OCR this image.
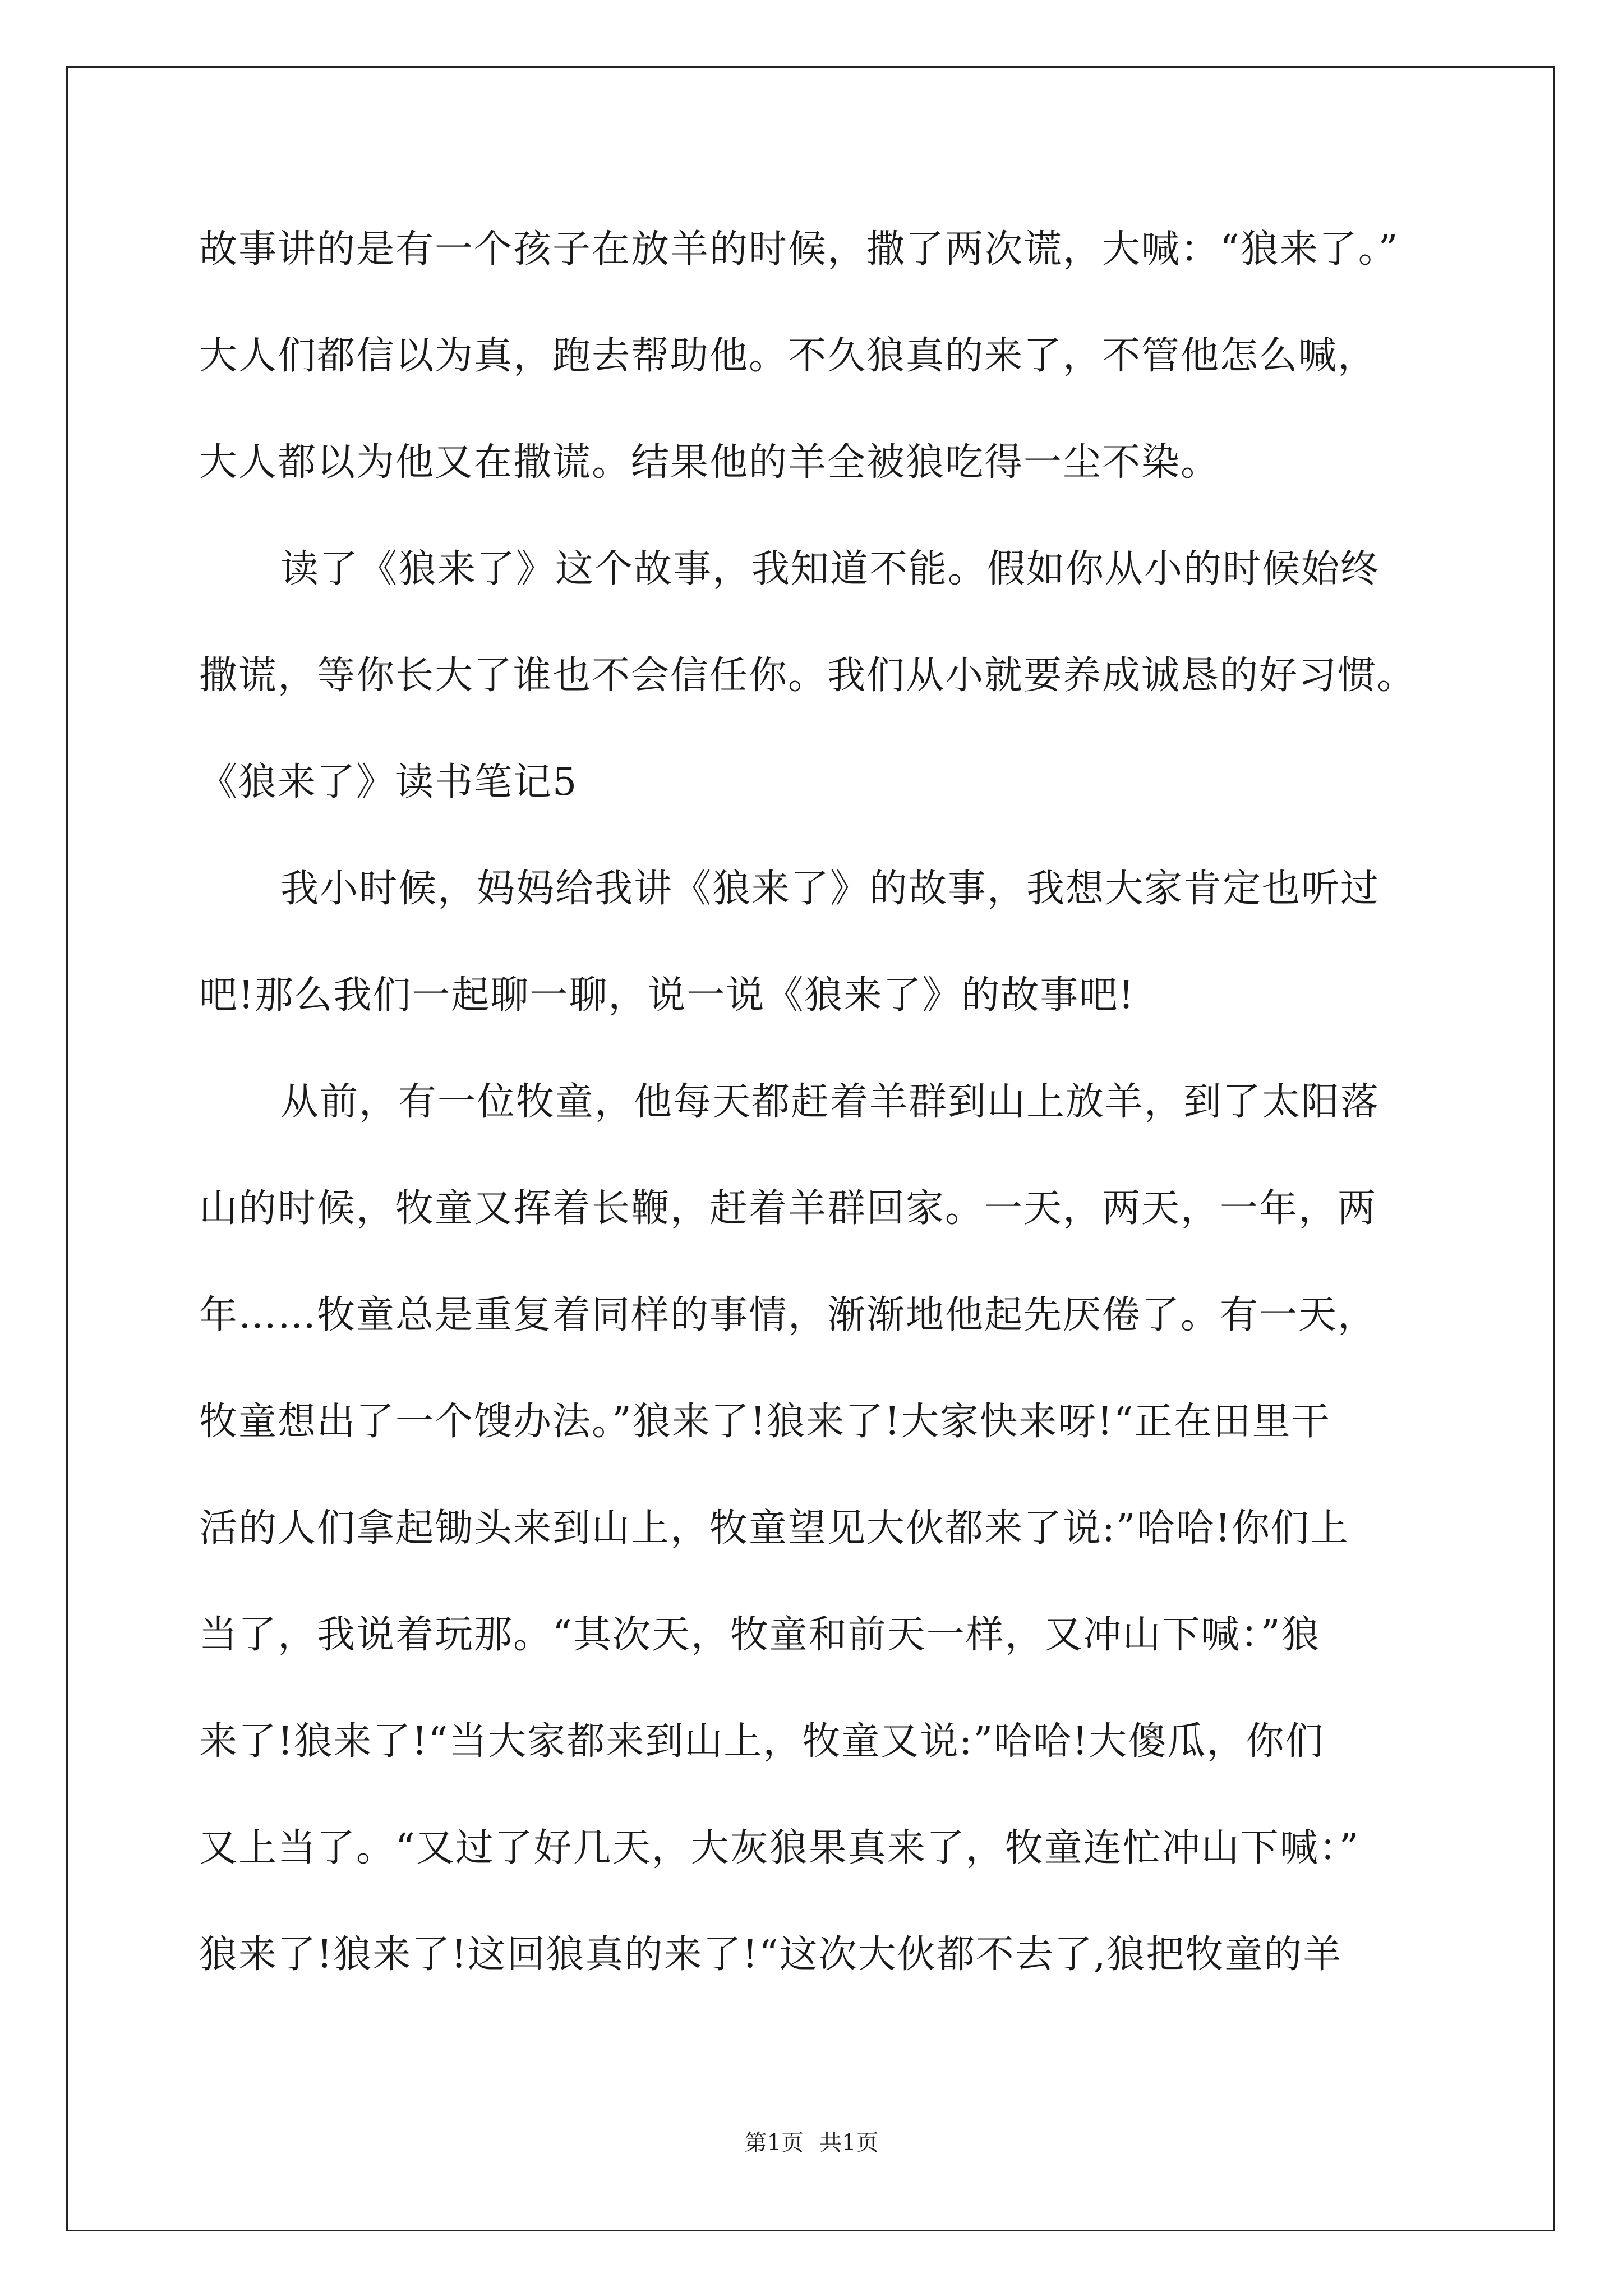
故事讲的是有一个孩子在放羊的时候，撒了两次谎，大喊：“狼来了。”
大人们都信以为真，跑去帮助他。不久狼真的来了，不管他怎么喊，
大人都以为他又在撒谎。结果他的羊全被狼吃得一尘不染。
读了《狼来了》这个故事，我知道不能。假如你从小的时候始终
撒谎，等你长大了谁也不会信任你。我们从小就要养成诚恳的好习惯。
《狼来了》读书笔记5
我小时候，妈妈给我讲《狼来了》的故事，我想大家肯定也听过
吧!那么我们一起聊一聊，说一说《狼来了》的故事吧!
从前，有一位牧童，他每天都赶着羊群到山上放羊，到了太阳落
山的时候，牧童又挥着长鞭，赶着羊群回家。一天，两天，一年，两
年……牧童总是重复着同样的事情，渐渐地他起先厌倦了。有一天，
牧童想出了一个馊办法。”狼来了!狼来了!大家快来呀!“正在田里干
活的人们拿起锄头来到山上，牧童望见大伙都来了说:”哈哈!你们上
当了，我说着玩那。“其次天，牧童和前天一样，又冲山下喊：”狼
来了!狼来了!“当大家都来到山上，牧童又说:”哈哈!大傻瓜，你们
又上当了。“又过了好几天，大灰狼果真来了，牧童连忙冲山下喊：”
狼来了!狼来了!这回狼真的来了!“这次大伙都不去了,狼把牧童的羊
第1页 共1页
